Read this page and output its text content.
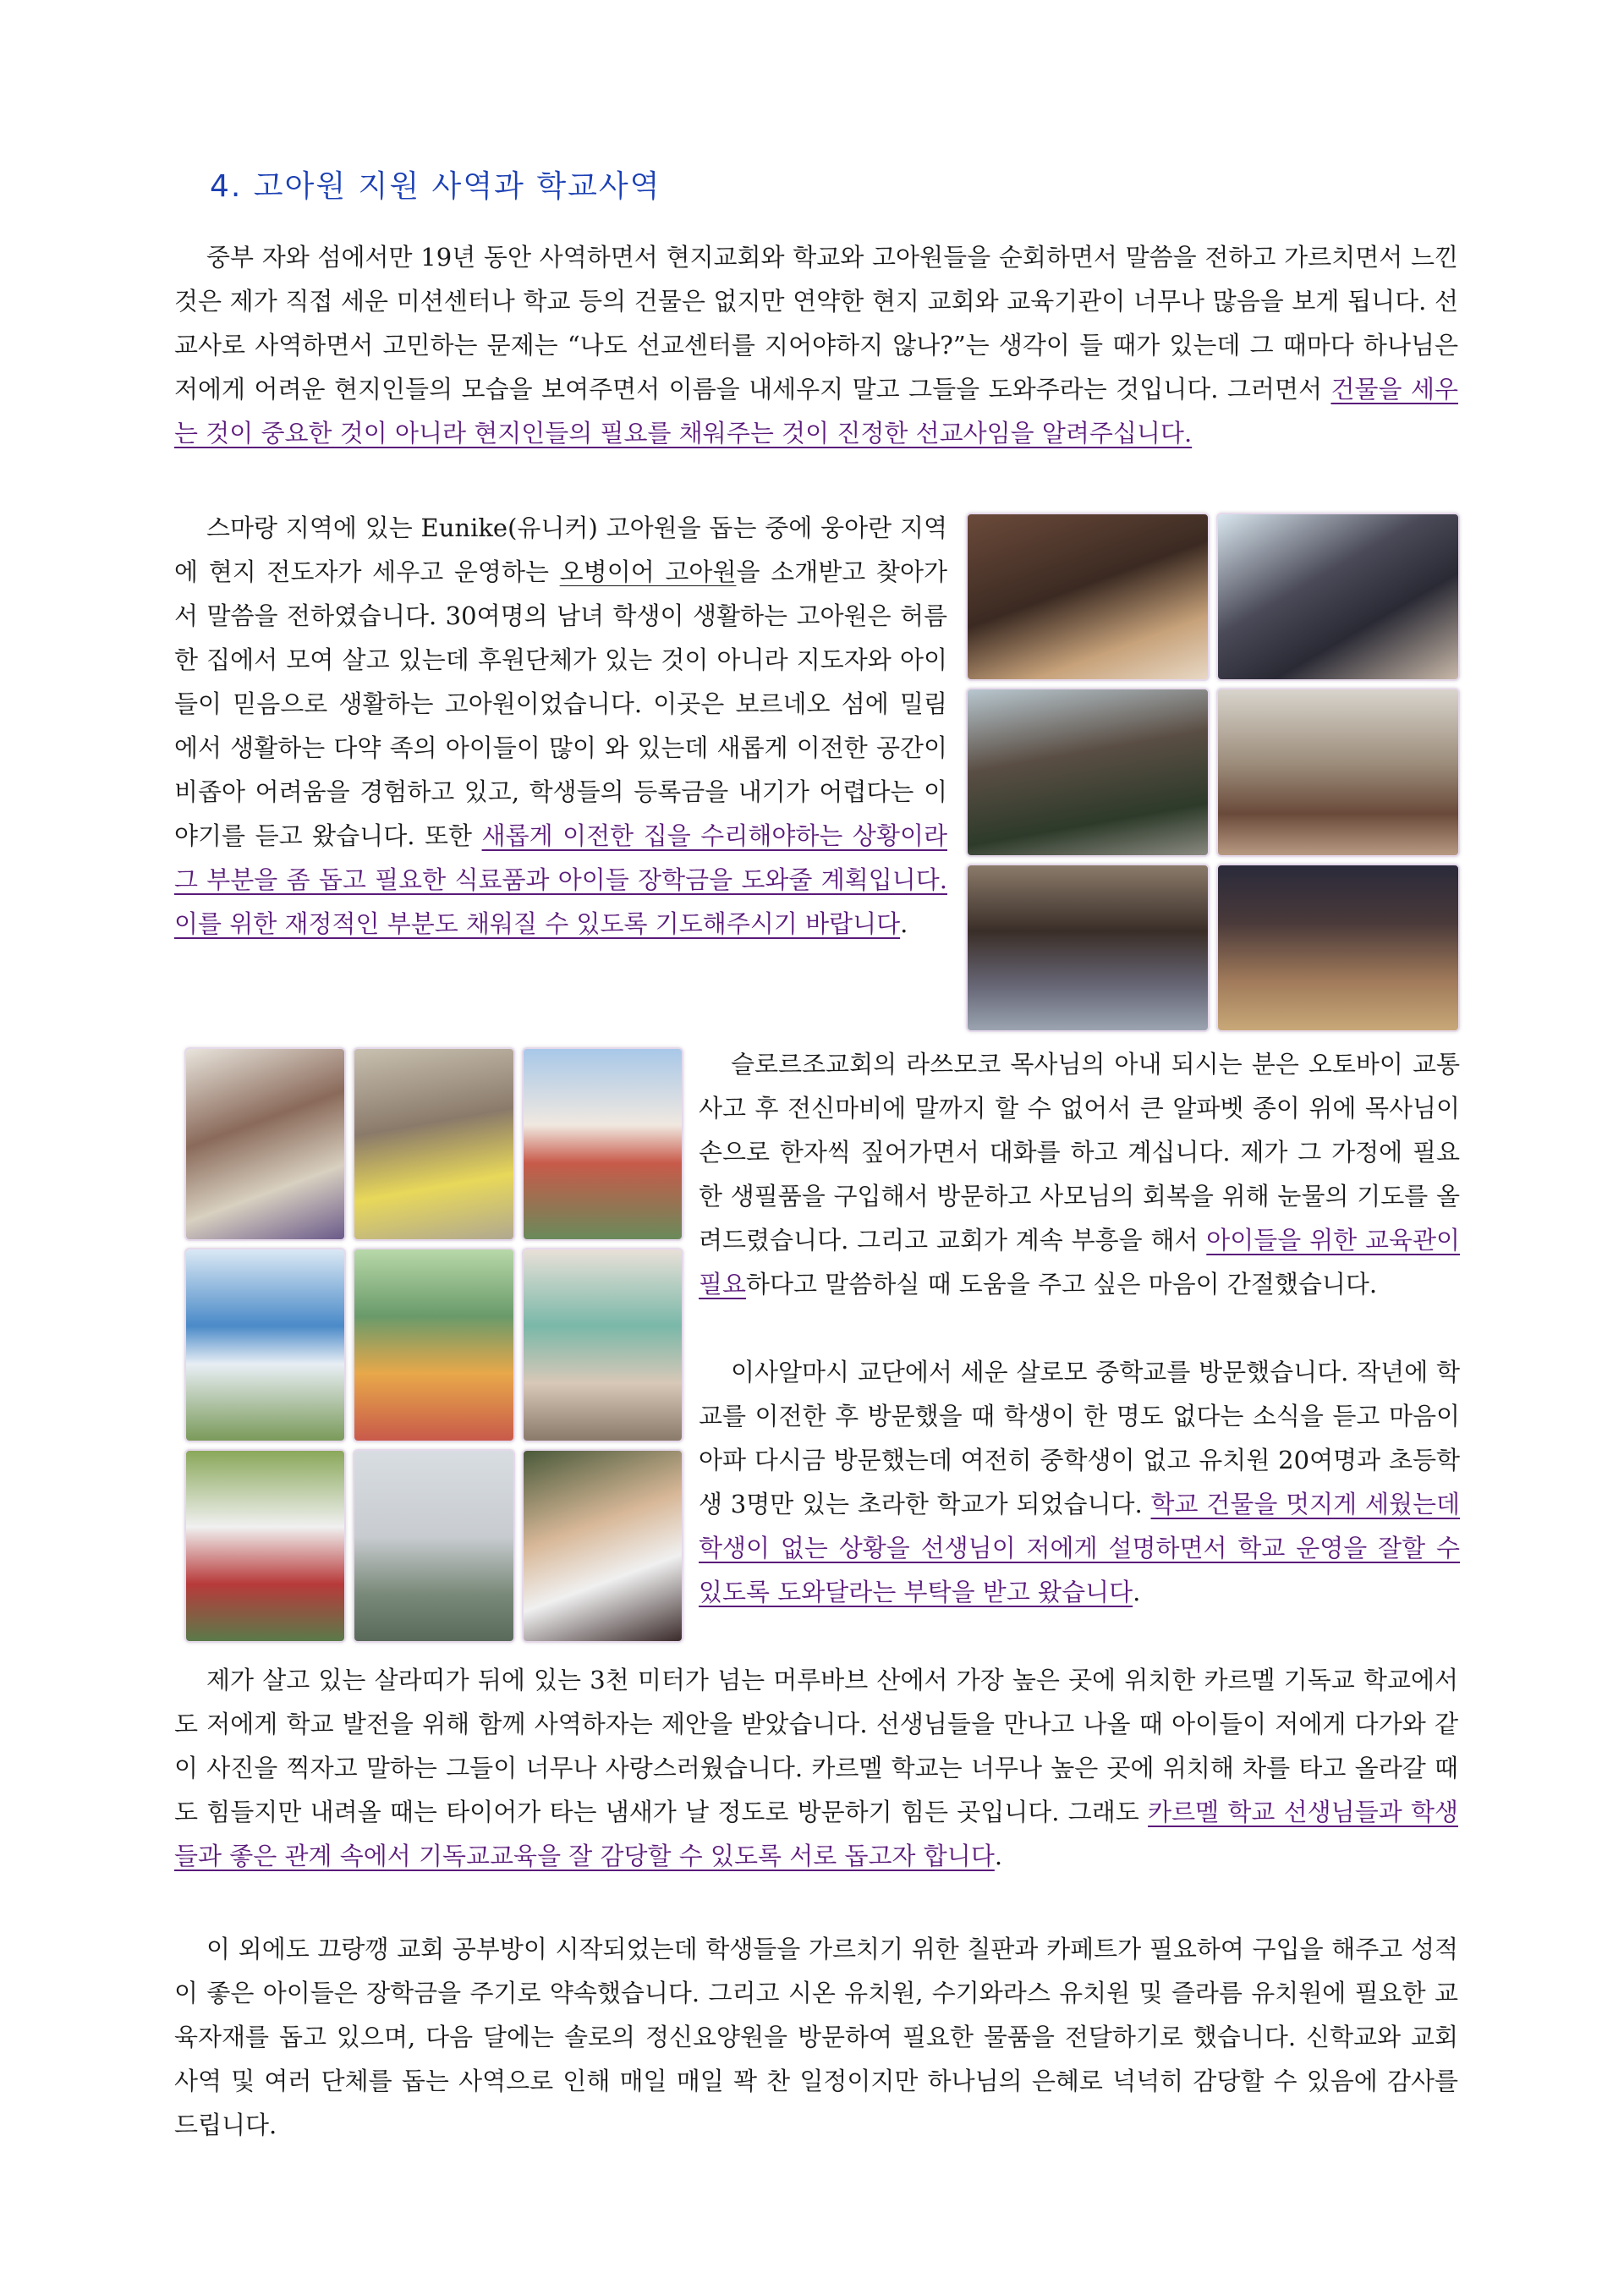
4. 고아원 지원 사역과 학교사역
중부 자와 섬에서만 19년 동안 사역하면서 현지교회와 학교와 고아원들을 순회하면서 말씀을 전하고 가르치면서 느낀 것은 제가 직접 세운 미션센터나 학교 등의 건물은 없지만 연약한 현지 교회와 교육기관이 너무나 많음을 보게 됩니다. 선교사로 사역하면서 고민하는 문제는 “나도 선교센터를 지어야하지 않나?”는 생각이 들 때가 있는데 그 때마다 하나님은 저에게 어려운 현지인들의 모습을 보여주면서 이름을 내세우지 말고 그들을 도와주라는 것입니다. 그러면서 건물을 세우는 것이 중요한 것이 아니라 현지인들의 필요를 채워주는 것이 진정한 선교사임을 알려주십니다.
스마랑 지역에 있는 Eunike(유니커) 고아원을 돕는 중에 웅아란 지역에 현지 전도자가 세우고 운영하는 오병이어 고아원을 소개받고 찾아가서 말씀을 전하였습니다. 30여명의 남녀 학생이 생활하는 고아원은 허름한 집에서 모여 살고 있는데 후원단체가 있는 것이 아니라 지도자와 아이들이 믿음으로 생활하는 고아원이었습니다. 이곳은 보르네오 섬에 밀림에서 생활하는 다약 족의 아이들이 많이 와 있는데 새롭게 이전한 공간이 비좁아 어려움을 경험하고 있고, 학생들의 등록금을 내기가 어렵다는 이야기를 듣고 왔습니다. 또한 새롭게 이전한 집을 수리해야하는 상황이라 그 부분을 좀 돕고 필요한 식료품과 아이들 장학금을 도와줄 계획입니다. 이를 위한 재정적인 부분도 채워질 수 있도록 기도해주시기 바랍니다.
슬로르조교회의 라쓰모코 목사님의 아내 되시는 분은 오토바이 교통사고 후 전신마비에 말까지 할 수 없어서 큰 알파벳 종이 위에 목사님이 손으로 한자씩 짚어가면서 대화를 하고 계십니다. 제가 그 가정에 필요한 생필품을 구입해서 방문하고 사모님의 회복을 위해 눈물의 기도를 올려드렸습니다. 그리고 교회가 계속 부흥을 해서 아이들을 위한 교육관이 필요하다고 말씀하실 때 도움을 주고 싶은 마음이 간절했습니다.
이사알마시 교단에서 세운 살로모 중학교를 방문했습니다. 작년에 학교를 이전한 후 방문했을 때 학생이 한 명도 없다는 소식을 듣고 마음이 아파 다시금 방문했는데 여전히 중학생이 없고 유치원 20여명과 초등학생 3명만 있는 초라한 학교가 되었습니다. 학교 건물을 멋지게 세웠는데 학생이 없는 상황을 선생님이 저에게 설명하면서 학교 운영을 잘할 수 있도록 도와달라는 부탁을 받고 왔습니다.
제가 살고 있는 살라띠가 뒤에 있는 3천 미터가 넘는 머루바브 산에서 가장 높은 곳에 위치한 카르멜 기독교 학교에서도 저에게 학교 발전을 위해 함께 사역하자는 제안을 받았습니다. 선생님들을 만나고 나올 때 아이들이 저에게 다가와 같이 사진을 찍자고 말하는 그들이 너무나 사랑스러웠습니다. 카르멜 학교는 너무나 높은 곳에 위치해 차를 타고 올라갈 때도 힘들지만 내려올 때는 타이어가 타는 냄새가 날 정도로 방문하기 힘든 곳입니다. 그래도 카르멜 학교 선생님들과 학생들과 좋은 관계 속에서 기독교교육을 잘 감당할 수 있도록 서로 돕고자 합니다.
이 외에도 끄랑깽 교회 공부방이 시작되었는데 학생들을 가르치기 위한 칠판과 카페트가 필요하여 구입을 해주고 성적이 좋은 아이들은 장학금을 주기로 약속했습니다. 그리고 시온 유치원, 수기와라스 유치원 및 즐라름 유치원에 필요한 교육자재를 돕고 있으며, 다음 달에는 솔로의 정신요양원을 방문하여 필요한 물품을 전달하기로 했습니다. 신학교와 교회 사역 및 여러 단체를 돕는 사역으로 인해 매일 매일 꽉 찬 일정이지만 하나님의 은혜로 넉넉히 감당할 수 있음에 감사를 드립니다.
